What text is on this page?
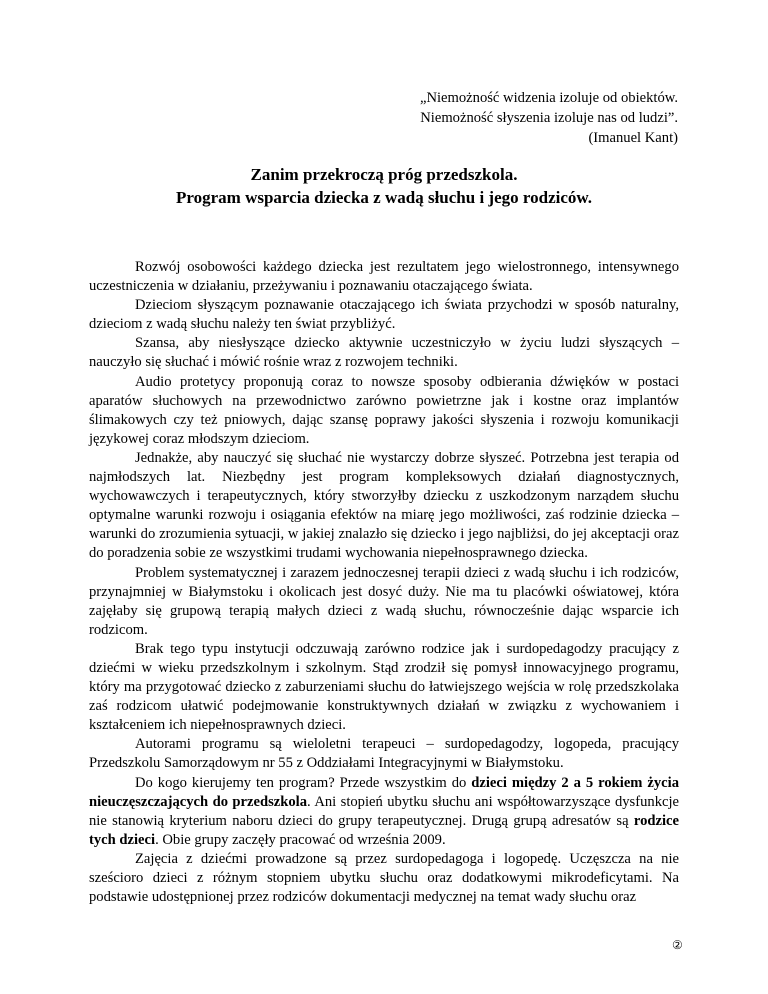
„Niemożność widzenia izoluje od obiektów.
Niemożność słyszenia izoluje nas od ludzi”.
(Imanuel Kant)
Zanim przekroczą próg przedszkola.
Program wsparcia dziecka z wadą słuchu i jego rodziców.

Rozwój osobowości każdego dziecka jest rezultatem jego wielostronnego, intensywnego uczestniczenia w działaniu, przeżywaniu i poznawaniu otaczającego świata.

Dzieciom słyszącym poznawanie otaczającego ich świata przychodzi w sposób naturalny, dzieciom z wadą słuchu należy ten świat przybliżyć.

Szansa, aby niesłyszące dziecko aktywnie uczestniczyło w życiu ludzi słyszących – nauczyło się słuchać i mówić rośnie wraz z rozwojem techniki.

Audio protetycy proponują coraz to nowsze sposoby odbierania dźwięków w postaci aparatów słuchowych na przewodnictwo zarówno powietrzne jak i kostne oraz implantów ślimakowych czy też pniowych, dając szansę poprawy jakości słyszenia i rozwoju komunikacji językowej coraz młodszym dzieciom.

Jednakże, aby nauczyć się słuchać nie wystarczy dobrze słyszeć. Potrzebna jest terapia od najmłodszych lat. Niezbędny jest program kompleksowych działań diagnostycznych, wychowawczych i terapeutycznych, który stworzyłby dziecku z uszkodzonym narządem słuchu optymalne warunki rozwoju i osiągania efektów na miarę jego możliwości, zaś rodzinie dziecka – warunki do zrozumienia sytuacji, w jakiej znalazło się dziecko i jego najbliżsi, do jej akceptacji oraz do poradzenia sobie ze wszystkimi trudami wychowania niepełnosprawnego dziecka.

Problem systematycznej i zarazem jednoczesnej terapii dzieci z wadą słuchu i ich rodziców, przynajmniej w Białymstoku i okolicach jest dosyć duży. Nie ma tu placówki oświatowej, która zajęłaby się grupową terapią małych dzieci z wadą słuchu, równocześnie dając wsparcie ich rodzicom.

Brak tego typu instytucji odczuwają zarówno rodzice jak i surdopedagodzy pracujący z dziećmi w wieku przedszkolnym i szkolnym. Stąd zrodził się pomysł innowacyjnego programu, który ma przygotować dziecko z zaburzeniami słuchu do łatwiejszego wejścia w rolę przedszkolaka zaś rodzicom ułatwić podejmowanie konstruktywnych działań w związku z wychowaniem i kształceniem ich niepełnosprawnych dzieci.

Autorami programu są wieloletni terapeuci – surdopedagodzy, logopeda, pracujący Przedszkolu Samorządowym nr 55 z Oddziałami Integracyjnymi w Białymstoku.

Do kogo kierujemy ten program? Przede wszystkim do dzieci między 2 a 5 rokiem życia nieuczęszczających do przedszkola. Ani stopień ubytku słuchu ani współtowarzyszące dysfunkcje nie stanowią kryterium naboru dzieci do grupy terapeutycznej. Drugą grupą adresatów są rodzice tych dzieci. Obie grupy zaczęły pracować od września 2009.

Zajęcia z dziećmi prowadzone są przez surdopedagoga i logopedę. Uczęszcza na nie sześcioro dzieci z różnym stopniem ubytku słuchu oraz dodatkowymi mikrodeficytami. Na podstawie udostępnionej przez rodziców dokumentacji medycznej na temat wady słuchu oraz

②
